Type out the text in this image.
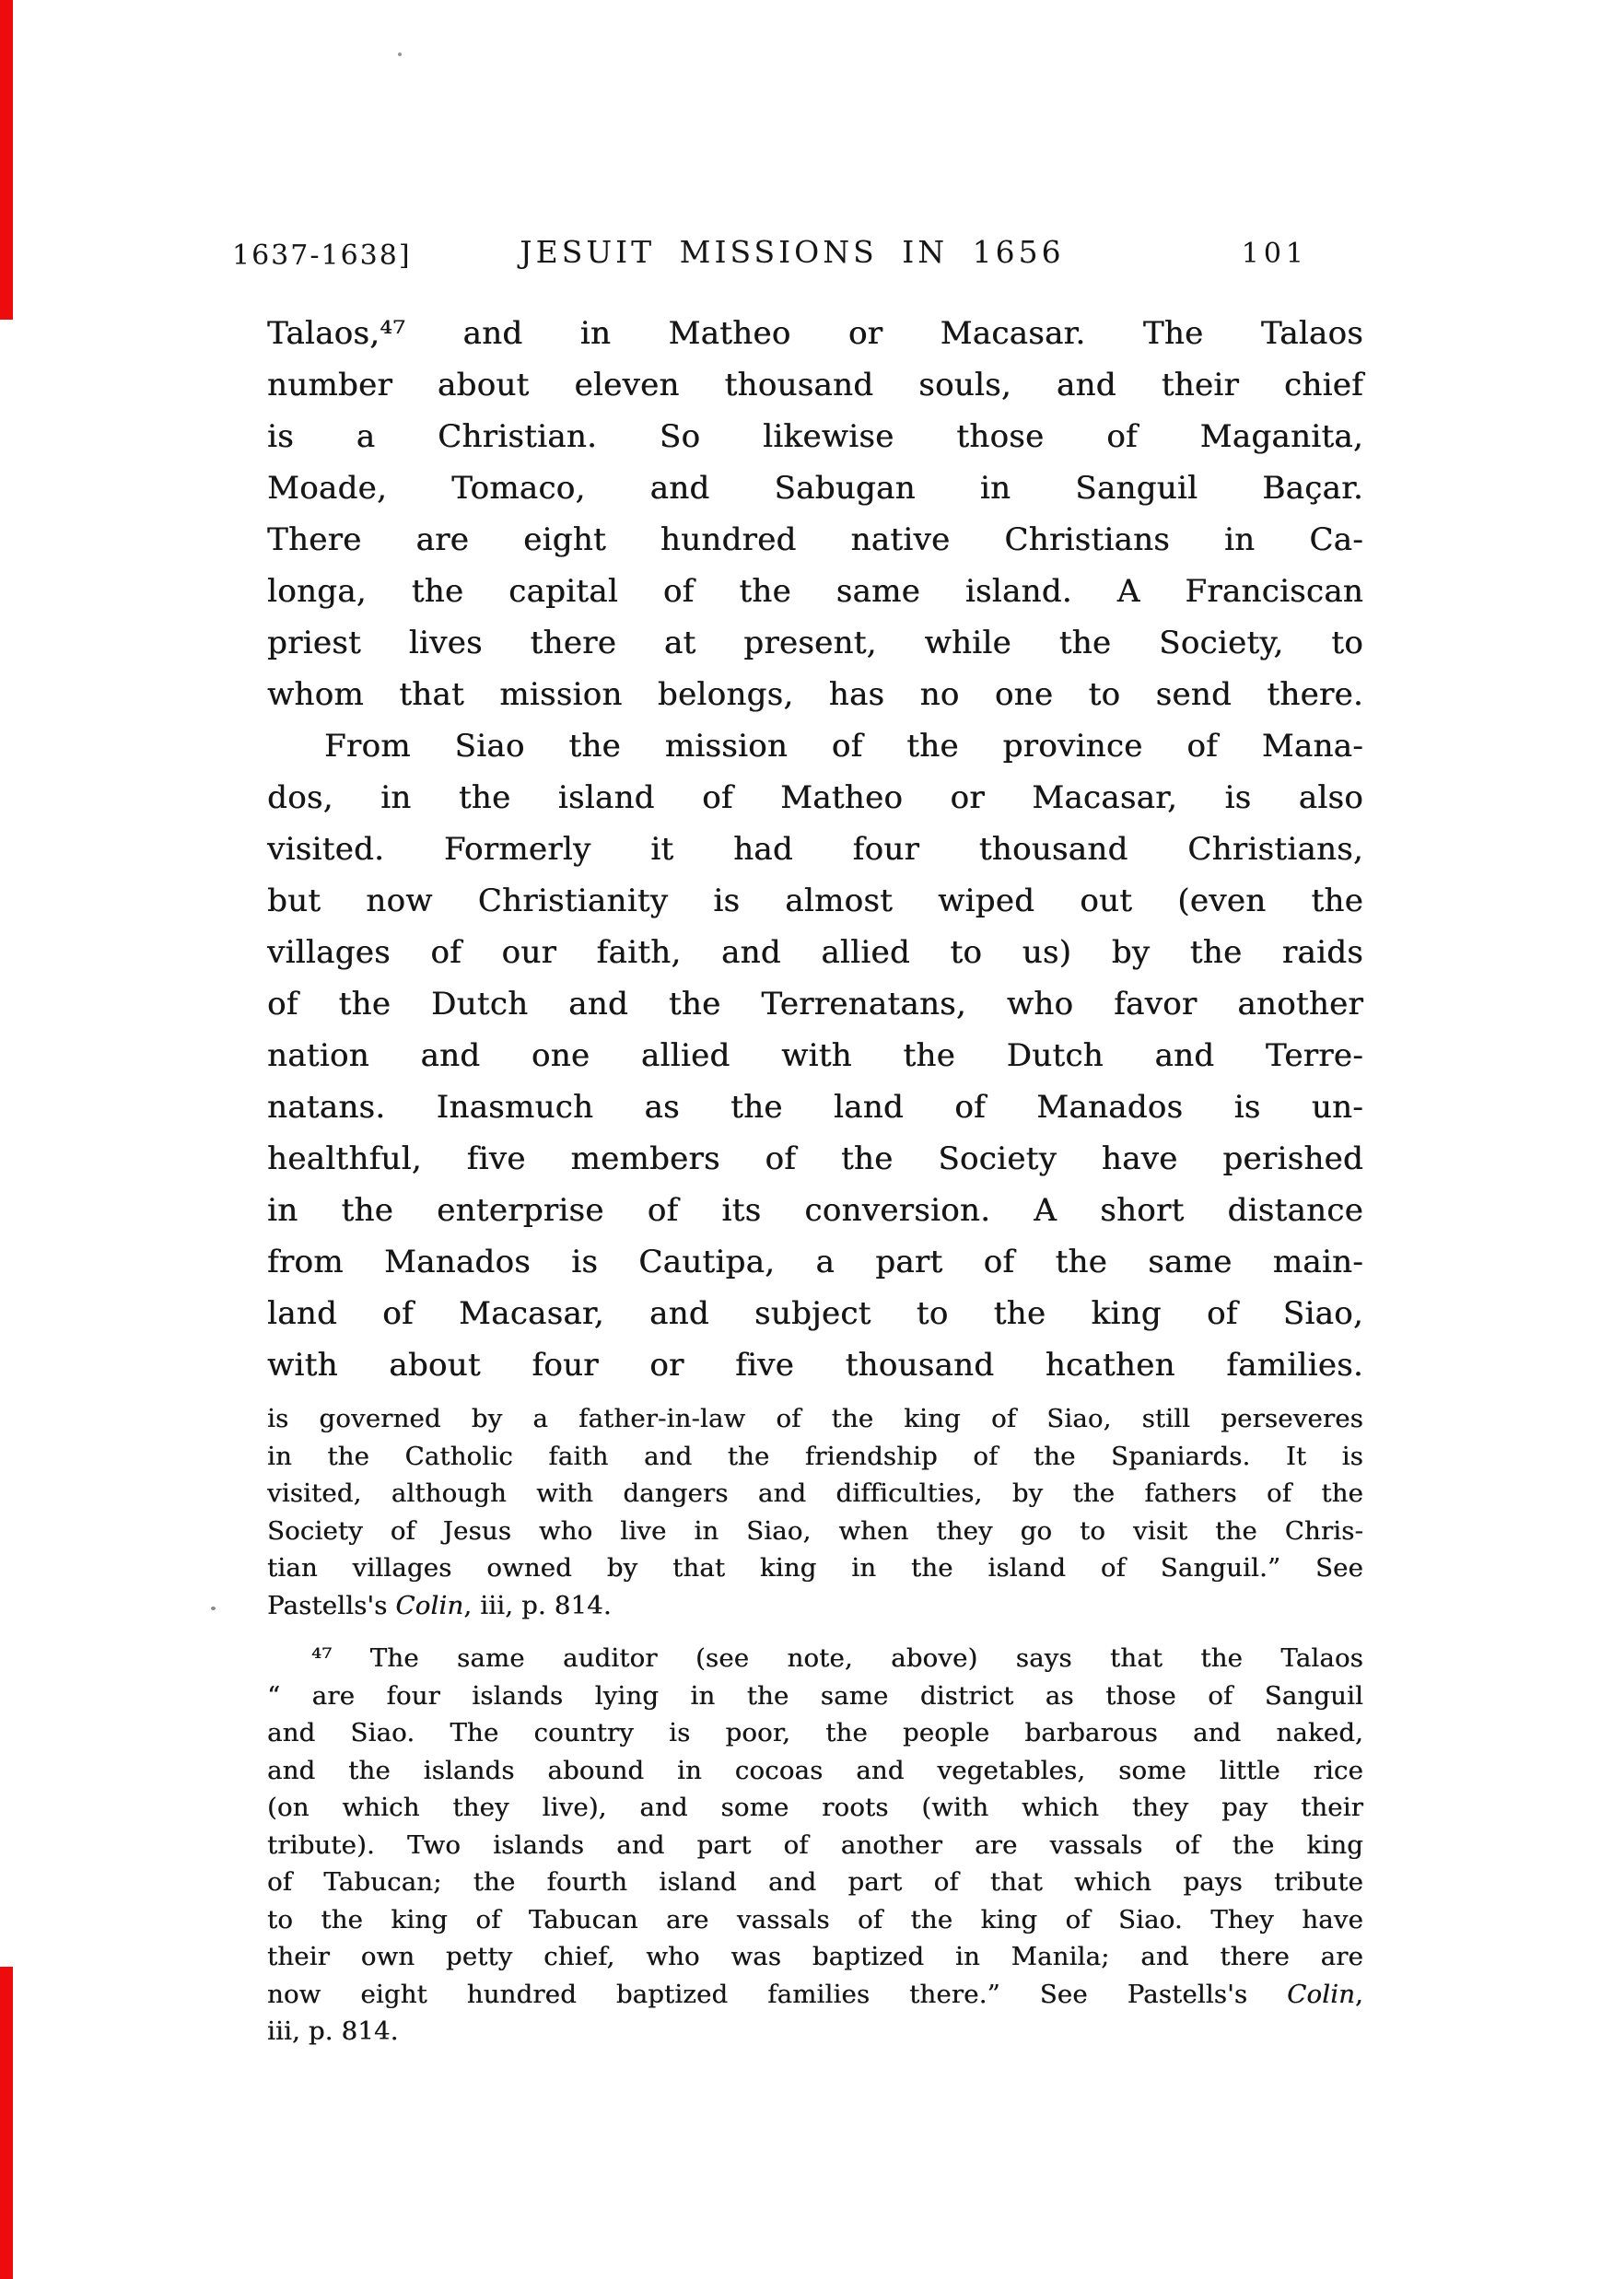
1637-1638]	JESUIT MISSIONS IN 1656	101
Talaos,⁴⁷ and in Matheo or Macasar. The Talaos
number about eleven thousand souls, and their chief
is a Christian. So likewise those of Maganita,
Moade, Tomaco, and Sabugan in Sanguil Baçar.
There are eight hundred native Christians in Ca-
longa, the capital of the same island. A Franciscan
priest lives there at present, while the Society, to
whom that mission belongs, has no one to send there.
From Siao the mission of the province of Mana-
dos, in the island of Matheo or Macasar, is also
visited. Formerly it had four thousand Christians,
but now Christianity is almost wiped out (even the
villages of our faith, and allied to us) by the raids
of the Dutch and the Terrenatans, who favor another
nation and one allied with the Dutch and Terre-
natans. Inasmuch as the land of Manados is un-
healthful, five members of the Society have perished
in the enterprise of its conversion. A short distance
from Manados is Cautipa, a part of the same main-
land of Macasar, and subject to the king of Siao,
with about four or five thousand hcathen families.
is governed by a father-in-law of the king of Siao, still perseveres
in the Catholic faith and the friendship of the Spaniards. It is
visited, although with dangers and difficulties, by the fathers of the
Society of Jesus who live in Siao, when they go to visit the Chris-
tian villages owned by that king in the island of Sanguil.” See
Pastells's Colin, iii, p. 814.
⁴⁷ The same auditor (see note, above) says that the Talaos
“ are four islands lying in the same district as those of Sanguil
and Siao. The country is poor, the people barbarous and naked,
and the islands abound in cocoas and vegetables, some little rice
(on which they live), and some roots (with which they pay their
tribute). Two islands and part of another are vassals of the king
of Tabucan; the fourth island and part of that which pays tribute
to the king of Tabucan are vassals of the king of Siao. They have
their own petty chief, who was baptized in Manila; and there are
now eight hundred baptized families there.” See Pastells's Colin,
iii, p. 814.
